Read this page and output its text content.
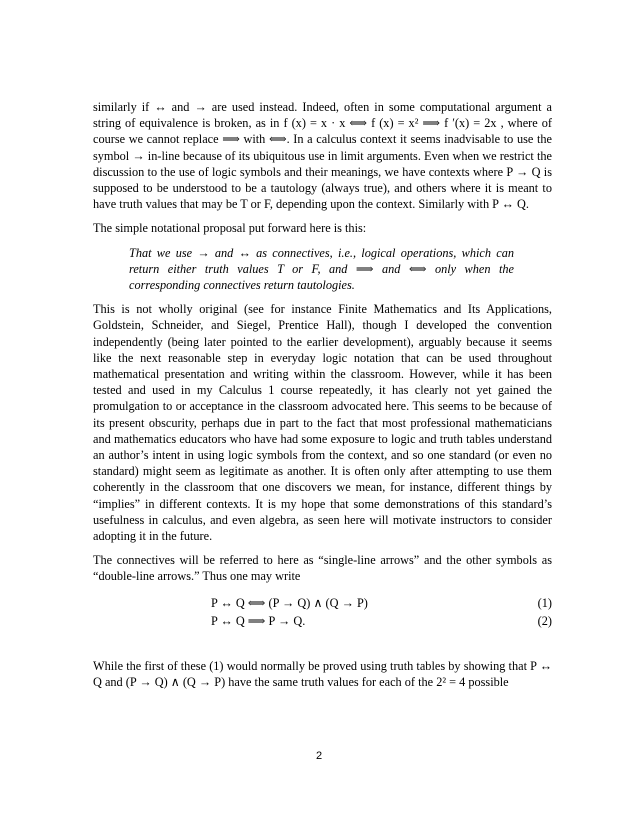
similarly if ↔ and → are used instead. Indeed, often in some computational argument a string of equivalence is broken, as in f (x) = x · x ⟺ f (x) = x² ⟹ f ′(x) = 2x , where of course we cannot replace ⟹ with ⟺. In a calculus context it seems inadvisable to use the symbol → in-line because of its ubiquitous use in limit arguments. Even when we restrict the discussion to the use of logic symbols and their meanings, we have contexts where P → Q is supposed to be understood to be a tautology (always true), and others where it is meant to have truth values that may be T or F, depending upon the context. Similarly with P ↔ Q.

The simple notational proposal put forward here is this:

That we use → and ↔ as connectives, i.e., logical operations, which can return either truth values T or F, and ⟹ and ⟺ only when the corresponding connectives return tautologies.

This is not wholly original (see for instance Finite Mathematics and Its Applications, Goldstein, Schneider, and Siegel, Prentice Hall), though I developed the convention independently (being later pointed to the earlier development), arguably because it seems like the next reasonable step in everyday logic notation that can be used throughout mathematical presentation and writing within the classroom. However, while it has been tested and used in my Calculus 1 course repeatedly, it has clearly not yet gained the promulgation to or acceptance in the classroom advocated here. This seems to be because of its present obscurity, perhaps due in part to the fact that most professional mathematicians and mathematics educators who have had some exposure to logic and truth tables understand an author’s intent in using logic symbols from the context, and so one standard (or even no standard) might seem as legitimate as another. It is often only after attempting to use them coherently in the classroom that one discovers we mean, for instance, different things by “implies” in different contexts. It is my hope that some demonstrations of this standard’s usefulness in calculus, and even algebra, as seen here will motivate instructors to consider adopting it in the future.

The connectives will be referred to here as “single-line arrows” and the other symbols as “double-line arrows.” Thus one may write

P ↔ Q ⟺ (P → Q) ∧ (Q → P)	(1)
P ↔ Q ⟹ P → Q.	(2)

While the first of these (1) would normally be proved using truth tables by showing that P ↔ Q and (P → Q) ∧ (Q → P) have the same truth values for each of the 2² = 4 possible

2
